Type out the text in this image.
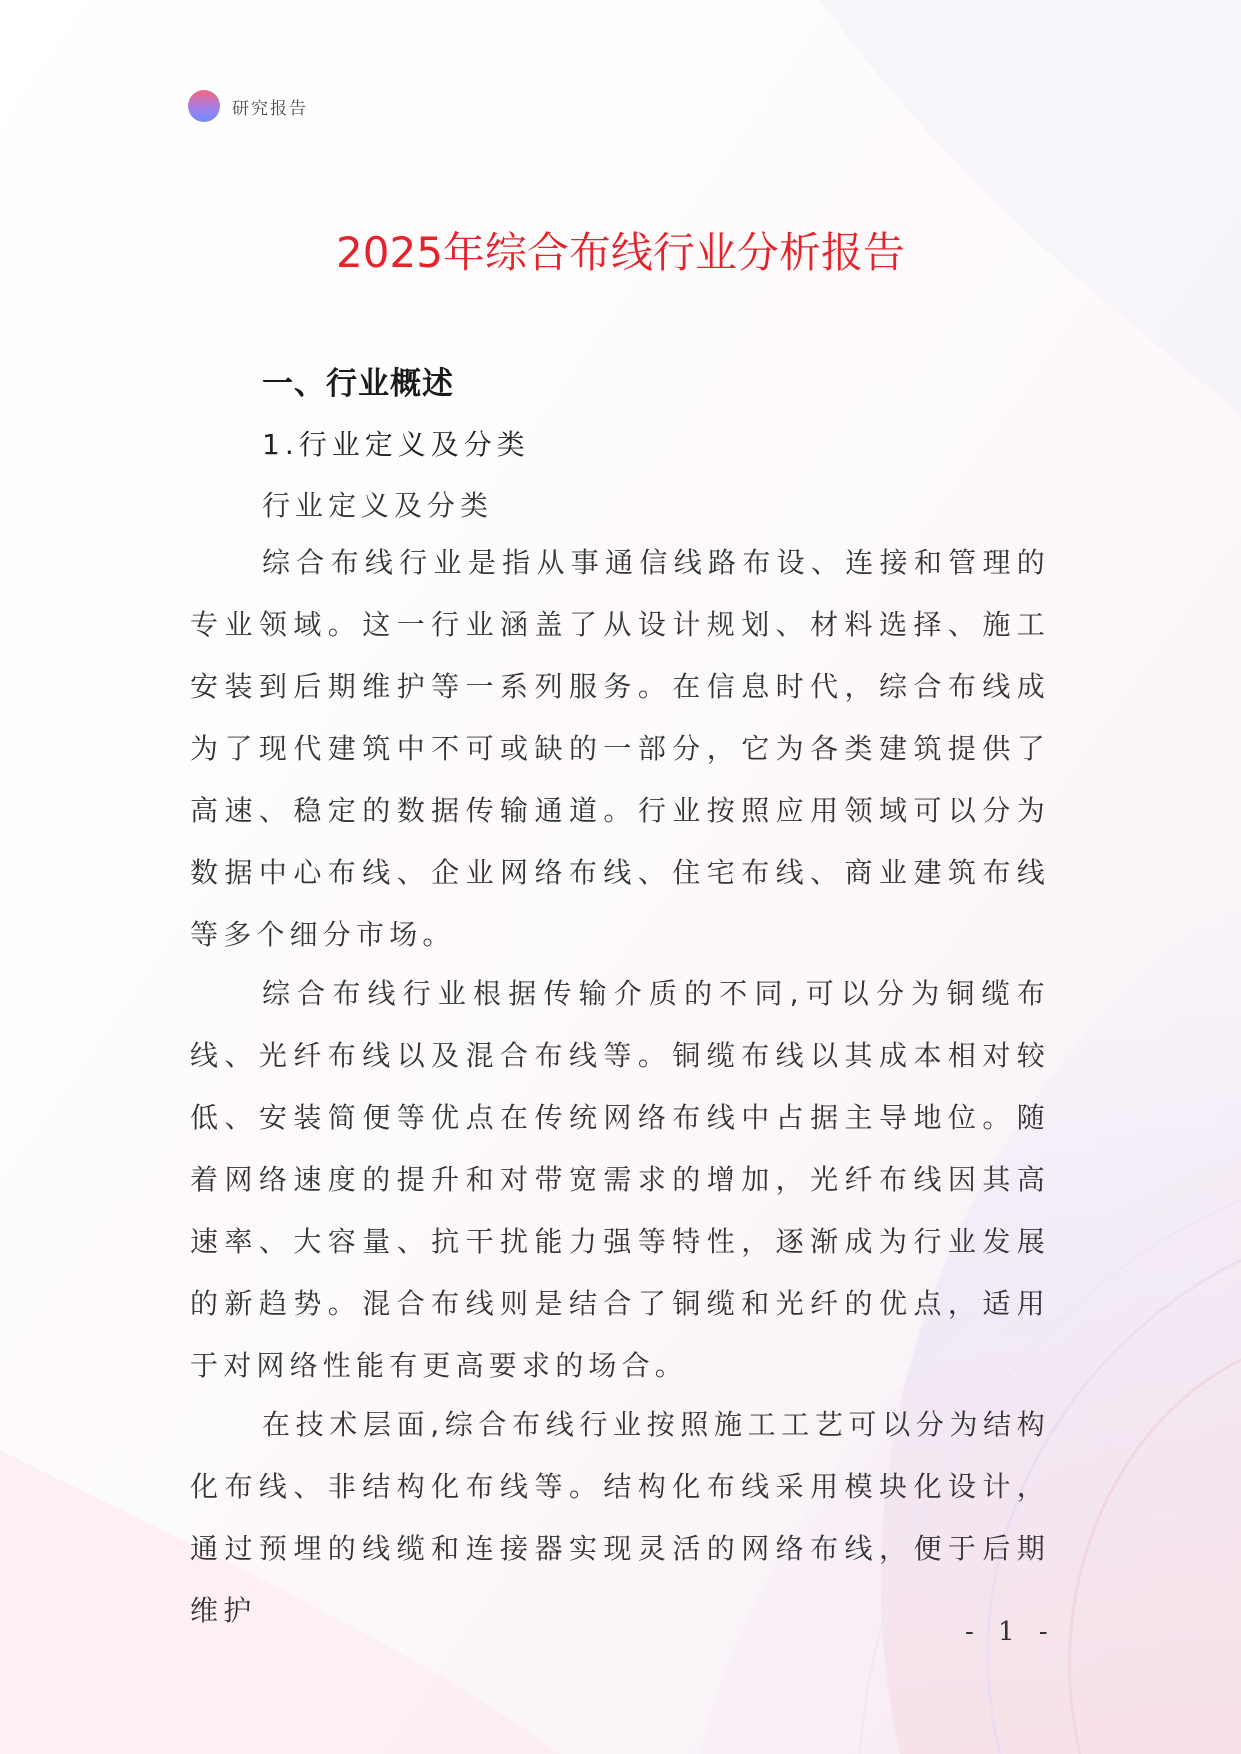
研究报告
2025年综合布线行业分析报告
一、行业概述
1.行业定义及分类
行业定义及分类

综合布线行业是指从事通信线路布设、连接和管理的专业领域。这一行业涵盖了从设计规划、材料选择、施工安装到后期维护等一系列服务。在信息时代，综合布线成为了现代建筑中不可或缺的一部分，它为各类建筑提供了高速、稳定的数据传输通道。行业按照应用领域可以分为数据中心布线、企业网络布线、住宅布线、商业建筑布线等多个细分市场。

综合布线行业根据传输介质的不同,可以分为铜缆布线、光纤布线以及混合布线等。铜缆布线以其成本相对较低、安装简便等优点在传统网络布线中占据主导地位。随着网络速度的提升和对带宽需求的增加，光纤布线因其高速率、大容量、抗干扰能力强等特性，逐渐成为行业发展的新趋势。混合布线则是结合了铜缆和光纤的优点，适用于对网络性能有更高要求的场合。

在技术层面,综合布线行业按照施工工艺可以分为结构化布线、非结构化布线等。结构化布线采用模块化设计，通过预埋的线缆和连接器实现灵活的网络布线，便于后期维护

- 1 -
